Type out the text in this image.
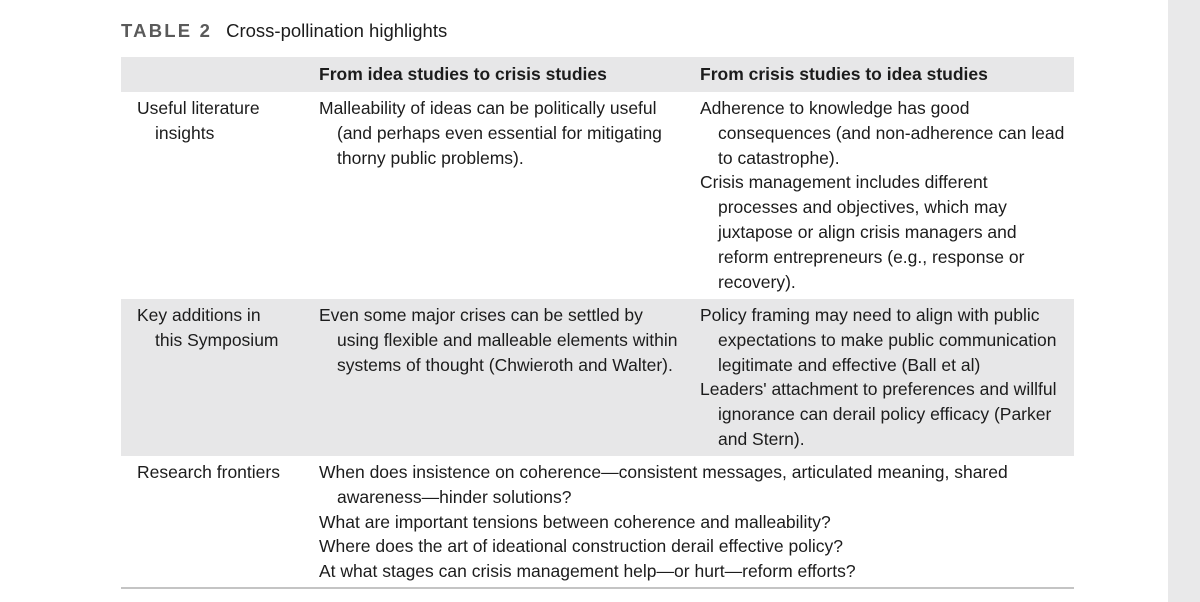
TABLE 2 Cross-pollination highlights
From idea studies to crisis studies	From crisis studies to idea studies

Useful literature insights

Malleability of ideas can be politically useful (and perhaps even essential for mitigating thorny public problems).

Adherence to knowledge has good consequences (and non-adherence can lead to catastrophe).

Crisis management includes different processes and objectives, which may juxtapose or align crisis managers and reform entrepreneurs (e.g., response or recovery).

Key additions in this Symposium

Even some major crises can be settled by using flexible and malleable elements within systems of thought (Chwieroth and Walter).

Policy framing may need to align with public expectations to make public communication legitimate and effective (Ball et al)

Leaders' attachment to preferences and willful ignorance can derail policy efficacy (Parker and Stern).

Research frontiers	When does insistence on coherence—consistent messages, articulated meaning, shared awareness—hinder solutions?

What are important tensions between coherence and malleability?

Where does the art of ideational construction derail effective policy?

At what stages can crisis management help—or hurt—reform efforts?
